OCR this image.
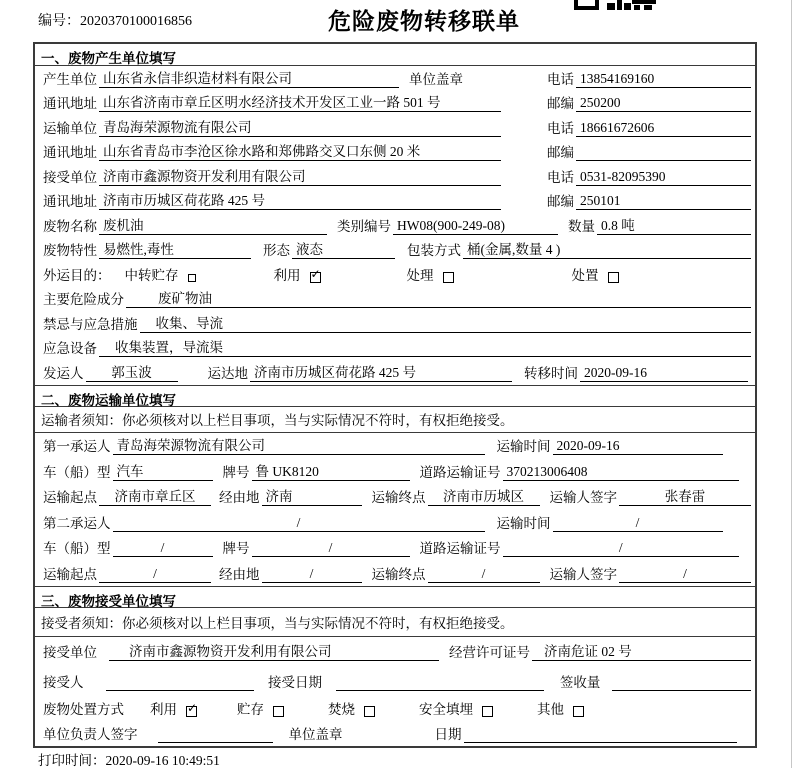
编号：2020370100016856	危险废物转移联单
一、废物产生单位填写
产生单位 山东省永信非织造材料有限公司	单位盖章	电话 13854169160
通讯地址 山东省济南市章丘区明水经济技术开发区工业一路 501 号	邮编 250200
运输单位 青岛海荣源物流有限公司	电话 18661672606
通讯地址 山东省青岛市李沧区徐水路和郑佛路交叉口东侧 20 米	邮编
接受单位 济南市鑫源物资开发利用有限公司	电话 0531-82095390
通讯地址 济南市历城区荷花路 425 号	邮编 250101
废物名称 废机油	类别编号 HW08(900-249-08)	数量 0.8 吨
废物特性 易燃性,毒性	形态 液态	包装方式 桶(金属,数量 4 )
外运目的： 中转贮存	利用 ✓	处理	处置
主要危险成分	废矿物油
禁忌与应急措施	收集、导流
应急设备	收集装置，导流渠
发运人	郭玉波	运达地 济南市历城区荷花路 425 号	转移时间 2020-09-16
二、废物运输单位填写
运输者须知：你必须核对以上栏目事项，当与实际情况不符时，有权拒绝接受。
第一承运人 青岛海荣源物流有限公司	运输时间 2020-09-16
车（船）型 汽车	牌号 鲁 UK8120	道路运输证号 370213006408
运输起点	济南市章丘区	经由地 济南	运输终点	济南市历城区	运输人签字	张春雷
第二承运人	/	运输时间	/
车（船）型	/	牌号	/	道路运输证号	/
运输起点	/	经由地	/	运输终点	/	运输人签字	/
三、废物接受单位填写
接受者须知：你必须核对以上栏目事项，当与实际情况不符时，有权拒绝接受。
接受单位	济南市鑫源物资开发利用有限公司	经营许可证号	济南危证 02 号
接受人	接受日期	签收量
废物处置方式 利用 ✓	贮存	焚烧	安全填埋	其他
单位负责人签字	单位盖章	日期
打印时间：2020-09-16 10:49:51
